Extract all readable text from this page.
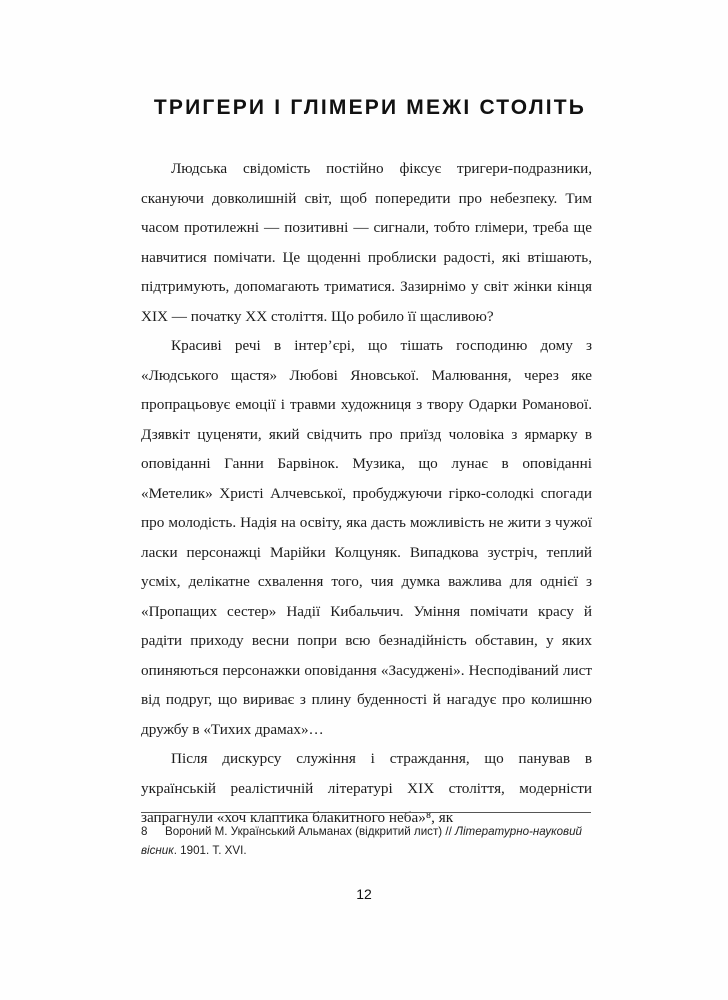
ТРИГЕРИ І ГЛІМЕРИ МЕЖІ СТОЛІТЬ

Людська свідомість постійно фіксує тригери-подразники, скануючи довколишній світ, щоб попередити про небезпеку. Тим часом протилежні — позитивні — сигнали, тобто глімери, треба ще навчитися помічати. Це щоденні проблиски радості, які втішають, підтримують, допомагають триматися. Зазирнімо у світ жінки кінця XIX — початку XX століття. Що робило її щасливою?

Красиві речі в інтер’єрі, що тішать господиню дому з «Людського щастя» Любові Яновської. Малювання, через яке пропрацьовує емоції і травми художниця з твору Одарки Романової. Дзявкіт цуценяти, який свідчить про приїзд чоловіка з ярмарку в оповіданні Ганни Барвінок. Музика, що лунає в оповіданні «Метелик» Христі Алчевської, пробуджуючи гірко-солодкі спогади про молодість. Надія на освіту, яка дасть можливість не жити з чужої ласки персонажці Марійки Колцуняк. Випадкова зустріч, теплий усміх, делікатне схвалення того, чия думка важлива для однієї з «Пропащих сестер» Надії Кибальчич. Уміння помічати красу й радіти приходу весни попри всю безнадійність обставин, у яких опиняються персонажки оповідання «Засуджені». Несподіваний лист від подруг, що вириває з плину буденності й нагадує про колишню дружбу в «Тихих драмах»…

Після дискурсу служіння і страждання, що панував в українській реалістичній літературі XIX століття, модерністи запрагнули «хоч клаптика блакитного неба»⁸, як

8 Вороний М. Український Альманах (відкритий лист) // Літературно-науковий вісник. 1901. Т. XVI.
12
